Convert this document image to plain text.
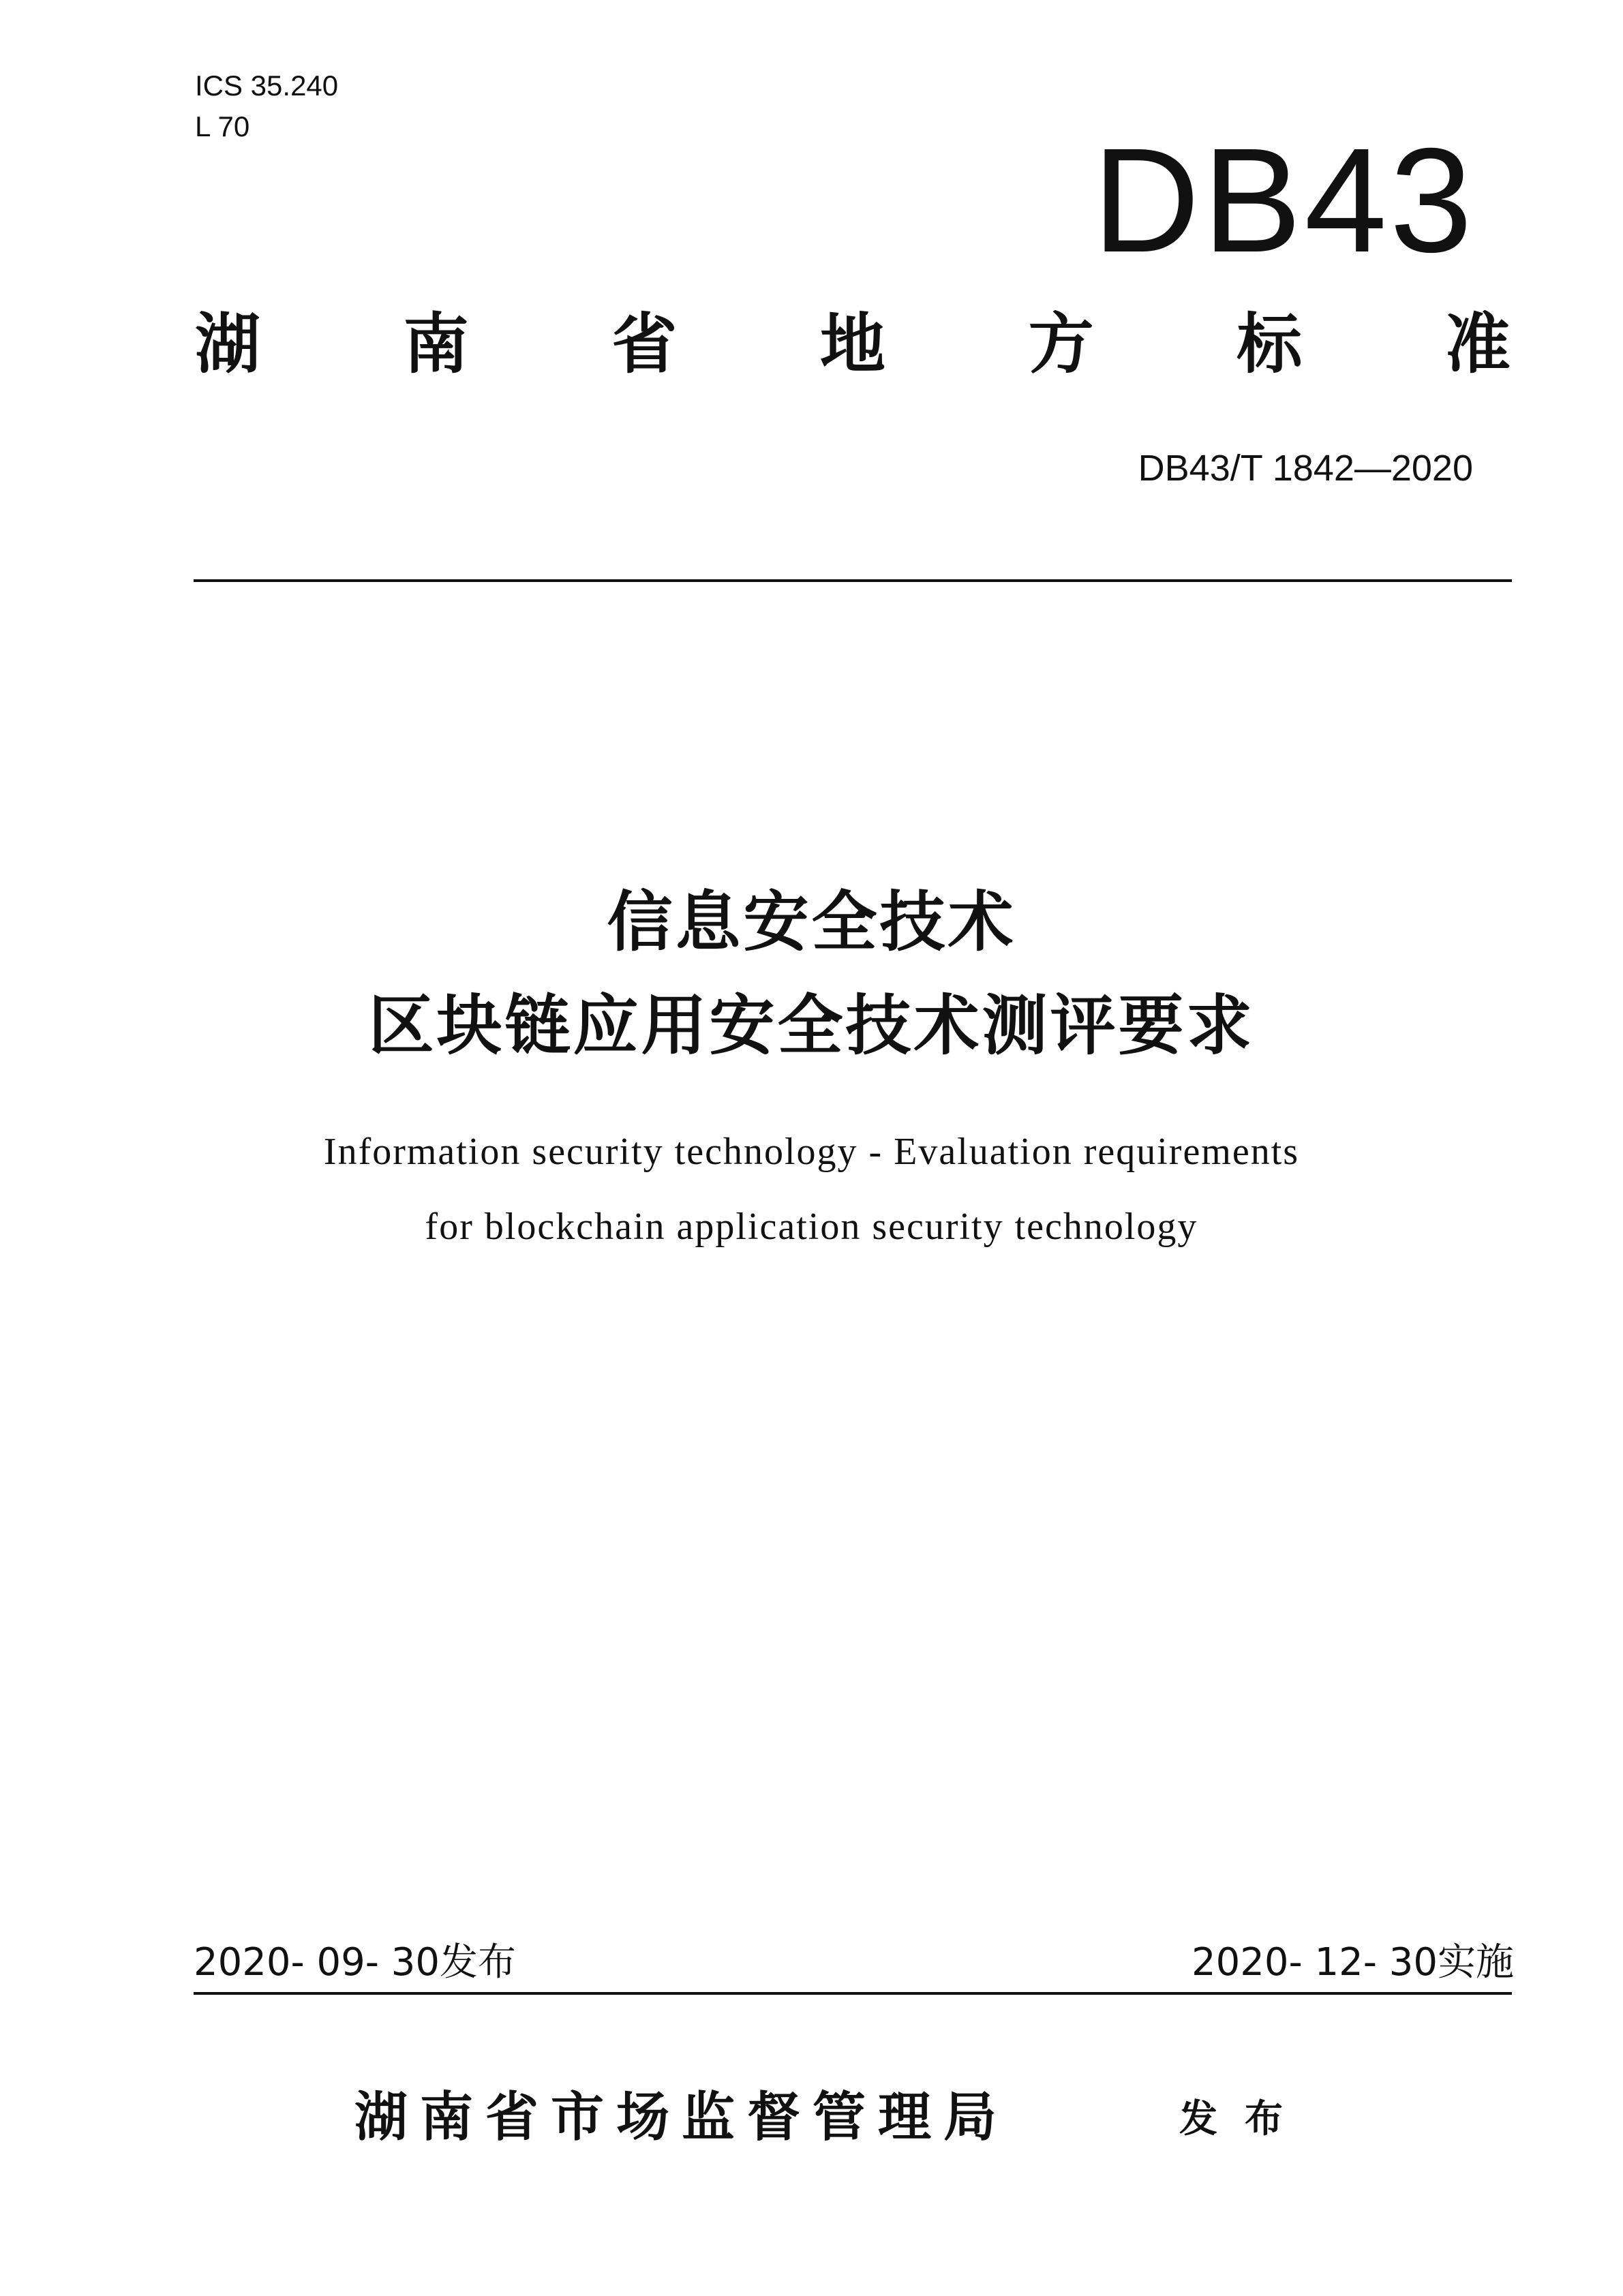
ICS 35.240
L 70	DB43
湖 南 省 地 方 标 准
DB43/T 1842—2020
信息安全技术
区块链应用安全技术测评要求
Information security technology - Evaluation requirements
for blockchain application security technology
2020- 09- 30发布	2020- 12- 30实施
湖南省市场监督管理局	发布
